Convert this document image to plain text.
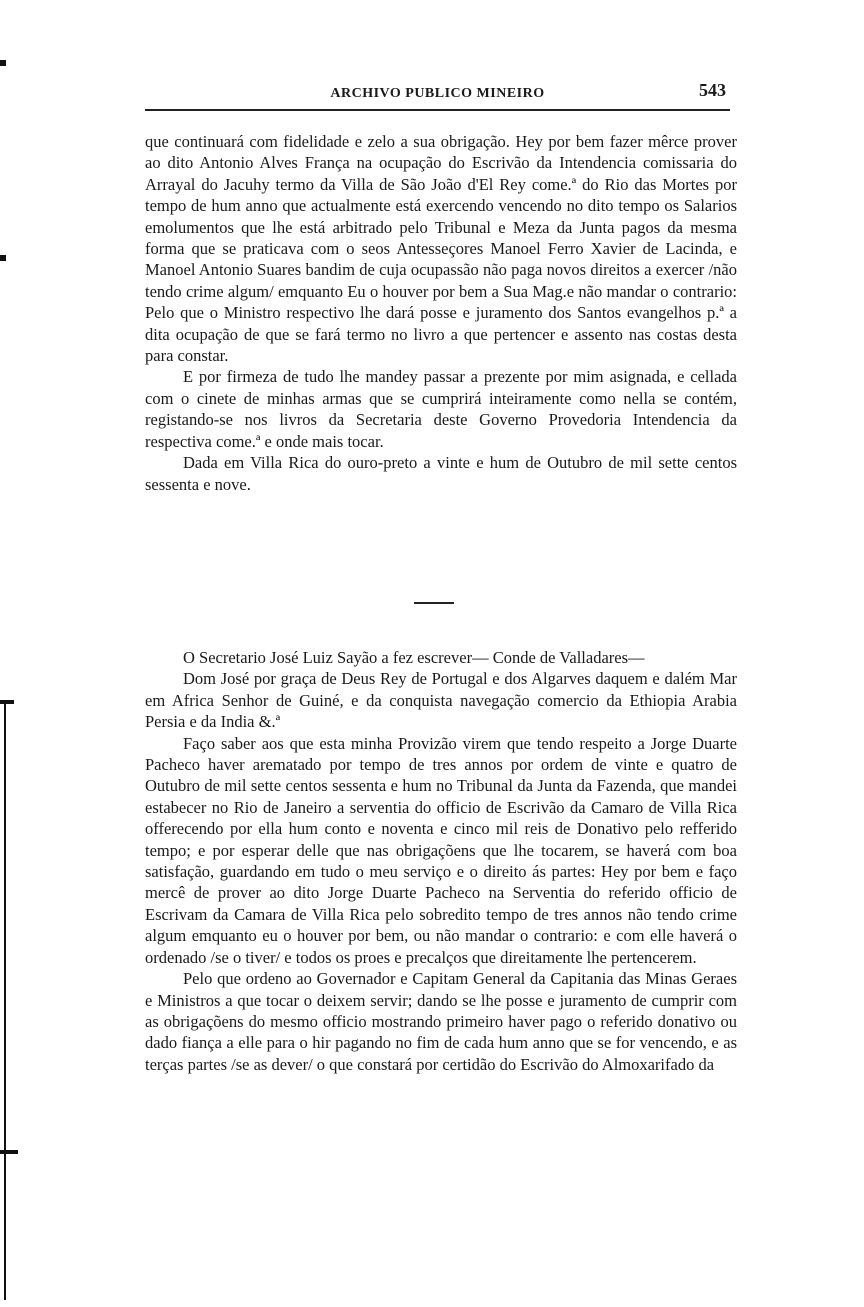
ARCHIVO PUBLICO MINEIRO	543

que continuará com fidelidade e zelo a sua obrigação. Hey por bem fazer mêrce prover ao dito Antonio Alves França na ocupação do Escrivão da Intendencia comissaria do Arrayal do Jacuhy termo da Villa de São João d'El Rey come.ª do Rio das Mortes por tempo de hum anno que actualmente está exercendo vencendo no dito tempo os Salarios emolumentos que lhe está arbitrado pelo Tribunal e Meza da Junta pagos da mesma forma que se praticava com o seos Antesseçores Manoel Ferro Xavier de Lacinda, e Manoel Antonio Suares bandim de cuja ocupassão não paga novos direitos a exercer /não tendo crime algum/ emquanto Eu o houver por bem a Sua Mag.e não mandar o contrario: Pelo que o Ministro respectivo lhe dará posse e juramento dos Santos evangelhos p.ª a dita ocupação de que se fará termo no livro a que pertencer e assento nas costas desta para constar.

E por firmeza de tudo lhe mandey passar a prezente por mim asignada, e cellada com o cinete de minhas armas que se cumprirá inteiramente como nella se contém, registando-se nos livros da Secretaria deste Governo Provedoria Intendencia da respectiva come.ª e onde mais tocar.

Dada em Villa Rica do ouro-preto a vinte e hum de Outubro de mil sette centos sessenta e nove.

O Secretario José Luiz Sayão a fez escrever— Conde de Valladares—

Dom José por graça de Deus Rey de Portugal e dos Algarves daquem e dalém Mar em Africa Senhor de Guiné, e da conquista navegação comercio da Ethiopia Arabia Persia e da India &.ª

Faço saber aos que esta minha Provizão virem que tendo respeito a Jorge Duarte Pacheco haver arematado por tempo de tres annos por ordem de vinte e quatro de Outubro de mil sette centos sessenta e hum no Tribunal da Junta da Fazenda, que mandei estabecer no Rio de Janeiro a serventia do officio de Escrivão da Camaro de Villa Rica offerecendo por ella hum conto e noventa e cinco mil reis de Donativo pelo refferido tempo; e por esperar delle que nas obrigaçõens que lhe tocarem, se haverá com boa satisfação, guardando em tudo o meu serviço e o direito ás partes: Hey por bem e faço mercê de prover ao dito Jorge Duarte Pacheco na Serventia do referido officio de Escrivam da Camara de Villa Rica pelo sobredito tempo de tres annos não tendo crime algum emquanto eu o houver por bem, ou não mandar o contrario: e com elle haverá o ordenado /se o tiver/ e todos os proes e precalços que direitamente lhe pertencerem.

Pelo que ordeno ao Governador e Capitam General da Capitania das Minas Geraes e Ministros a que tocar o deixem servir; dando se lhe posse e juramento de cumprir com as obrigaçõens do mesmo officio mostrando primeiro haver pago o referido donativo ou dado fiança a elle para o hir pagando no fim de cada hum anno que se for vencendo, e as terças partes /se as dever/ o que constará por certidão do Escrivão do Almoxarifado da
